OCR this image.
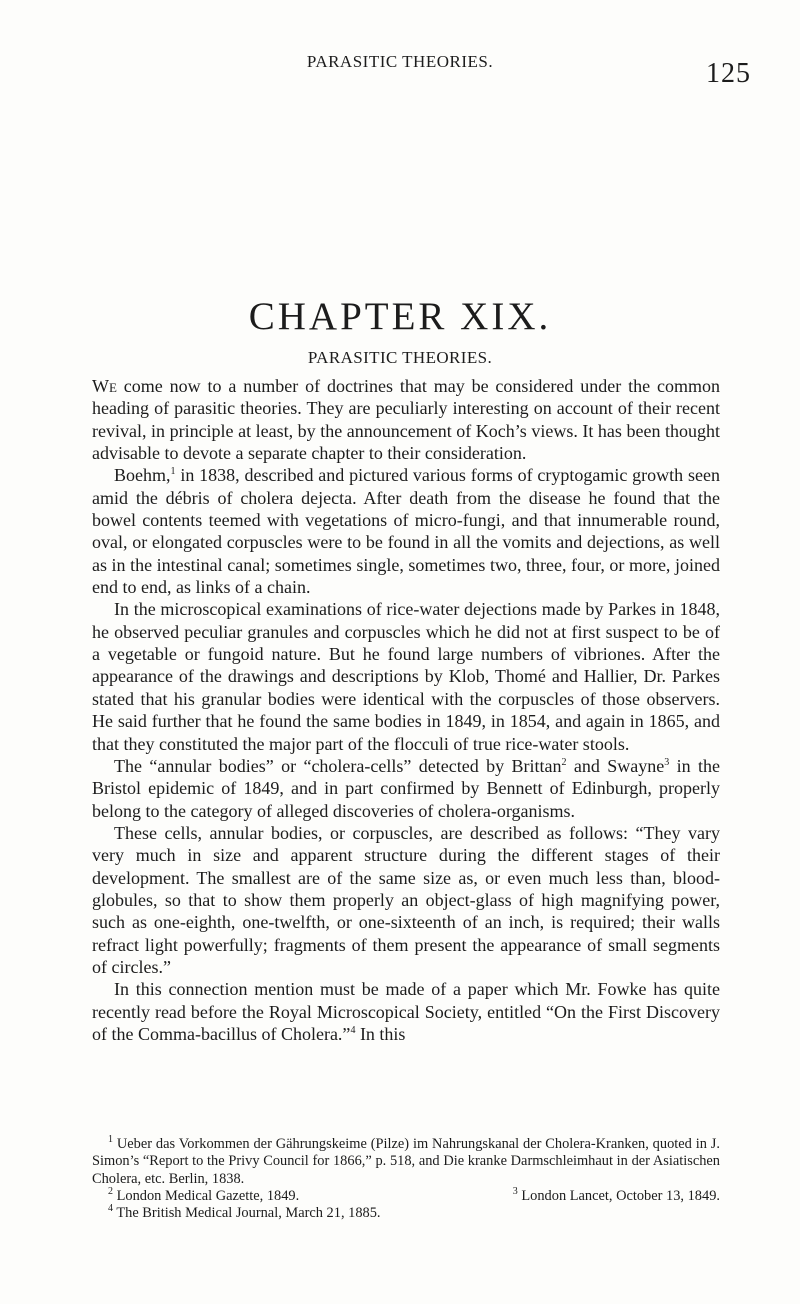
PARASITIC THEORIES.	125
CHAPTER XIX.
PARASITIC THEORIES.

We come now to a number of doctrines that may be considered under the common heading of parasitic theories. They are peculiarly interesting on account of their recent revival, in principle at least, by the announcement of Koch’s views. It has been thought advisable to devote a separate chapter to their consideration.

Boehm,$^1$ in 1838, described and pictured various forms of cryptogamic growth seen amid the débris of cholera dejecta. After death from the disease he found that the bowel contents teemed with vegetations of micro-fungi, and that innumerable round, oval, or elongated corpuscles were to be found in all the vomits and dejections, as well as in the intestinal canal; sometimes single, sometimes two, three, four, or more, joined end to end, as links of a chain.

In the microscopical examinations of rice-water dejections made by Parkes in 1848, he observed peculiar granules and corpuscles which he did not at first suspect to be of a vegetable or fungoid nature. But he found large numbers of vibriones. After the appearance of the drawings and descriptions by Klob, Thomé and Hallier, Dr. Parkes stated that his granular bodies were identical with the corpuscles of those observers. He said further that he found the same bodies in 1849, in 1854, and again in 1865, and that they constituted the major part of the flocculi of true rice-water stools.

The “annular bodies” or “cholera-cells” detected by Brittan$^2$ and Swayne$^3$ in the Bristol epidemic of 1849, and in part confirmed by Bennett of Edinburgh, properly belong to the category of alleged discoveries of cholera-organisms.

These cells, annular bodies, or corpuscles, are described as follows: “They vary very much in size and apparent structure during the different stages of their development. The smallest are of the same size as, or even much less than, blood-globules, so that to show them properly an object-glass of high magnifying power, such as one-eighth, one-twelfth, or one-sixteenth of an inch, is required; their walls refract light powerfully; fragments of them present the appearance of small segments of circles.”

In this connection mention must be made of a paper which Mr. Fowke has quite recently read before the Royal Microscopical Society, entitled “On the First Discovery of the Comma-bacillus of Cholera.”$^4$ In this

$^1$ Ueber das Vorkommen der Gährungskeime (Pilze) im Nahrungskanal der Cholera-Kranken, quoted in J. Simon’s “Report to the Privy Council for 1866,” p. 518, and Die kranke Darmschleimhaut in der Asiatischen Cholera, etc. Berlin, 1838.

$^2$ London Medical Gazette, 1849.	$^3$ London Lancet, October 13, 1849.

$^4$ The British Medical Journal, March 21, 1885.
